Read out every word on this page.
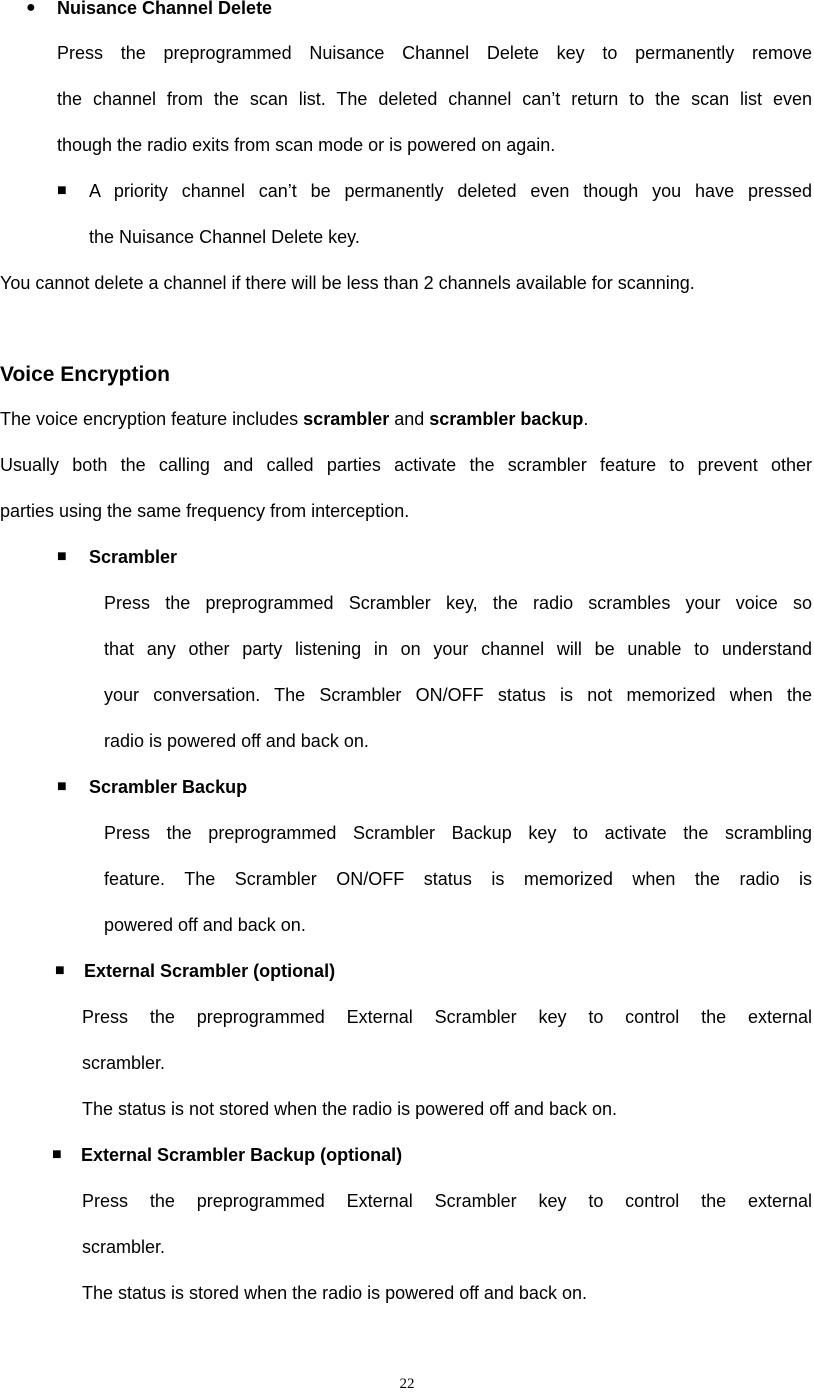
● Nuisance Channel Delete
Press the preprogrammed Nuisance Channel Delete key to permanently remove
the channel from the scan list. The deleted channel can’t return to the scan list even
though the radio exits from scan mode or is powered on again.
■ A priority channel can’t be permanently deleted even though you have pressed
the Nuisance Channel Delete key.
You cannot delete a channel if there will be less than 2 channels available for scanning.
Voice Encryption
The voice encryption feature includes scrambler and scrambler backup.
Usually both the calling and called parties activate the scrambler feature to prevent other
parties using the same frequency from interception.
■ Scrambler
Press the preprogrammed Scrambler key, the radio scrambles your voice so
that any other party listening in on your channel will be unable to understand
your conversation. The Scrambler ON/OFF status is not memorized when the
radio is powered off and back on.
■ Scrambler Backup
Press the preprogrammed Scrambler Backup key to activate the scrambling
feature. The Scrambler ON/OFF status is memorized when the radio is
powered off and back on.
■ External Scrambler (optional)
Press the preprogrammed External Scrambler key to control the external
scrambler.
The status is not stored when the radio is powered off and back on.
■ External Scrambler Backup (optional)
Press the preprogrammed External Scrambler key to control the external
scrambler.
The status is stored when the radio is powered off and back on.
22
